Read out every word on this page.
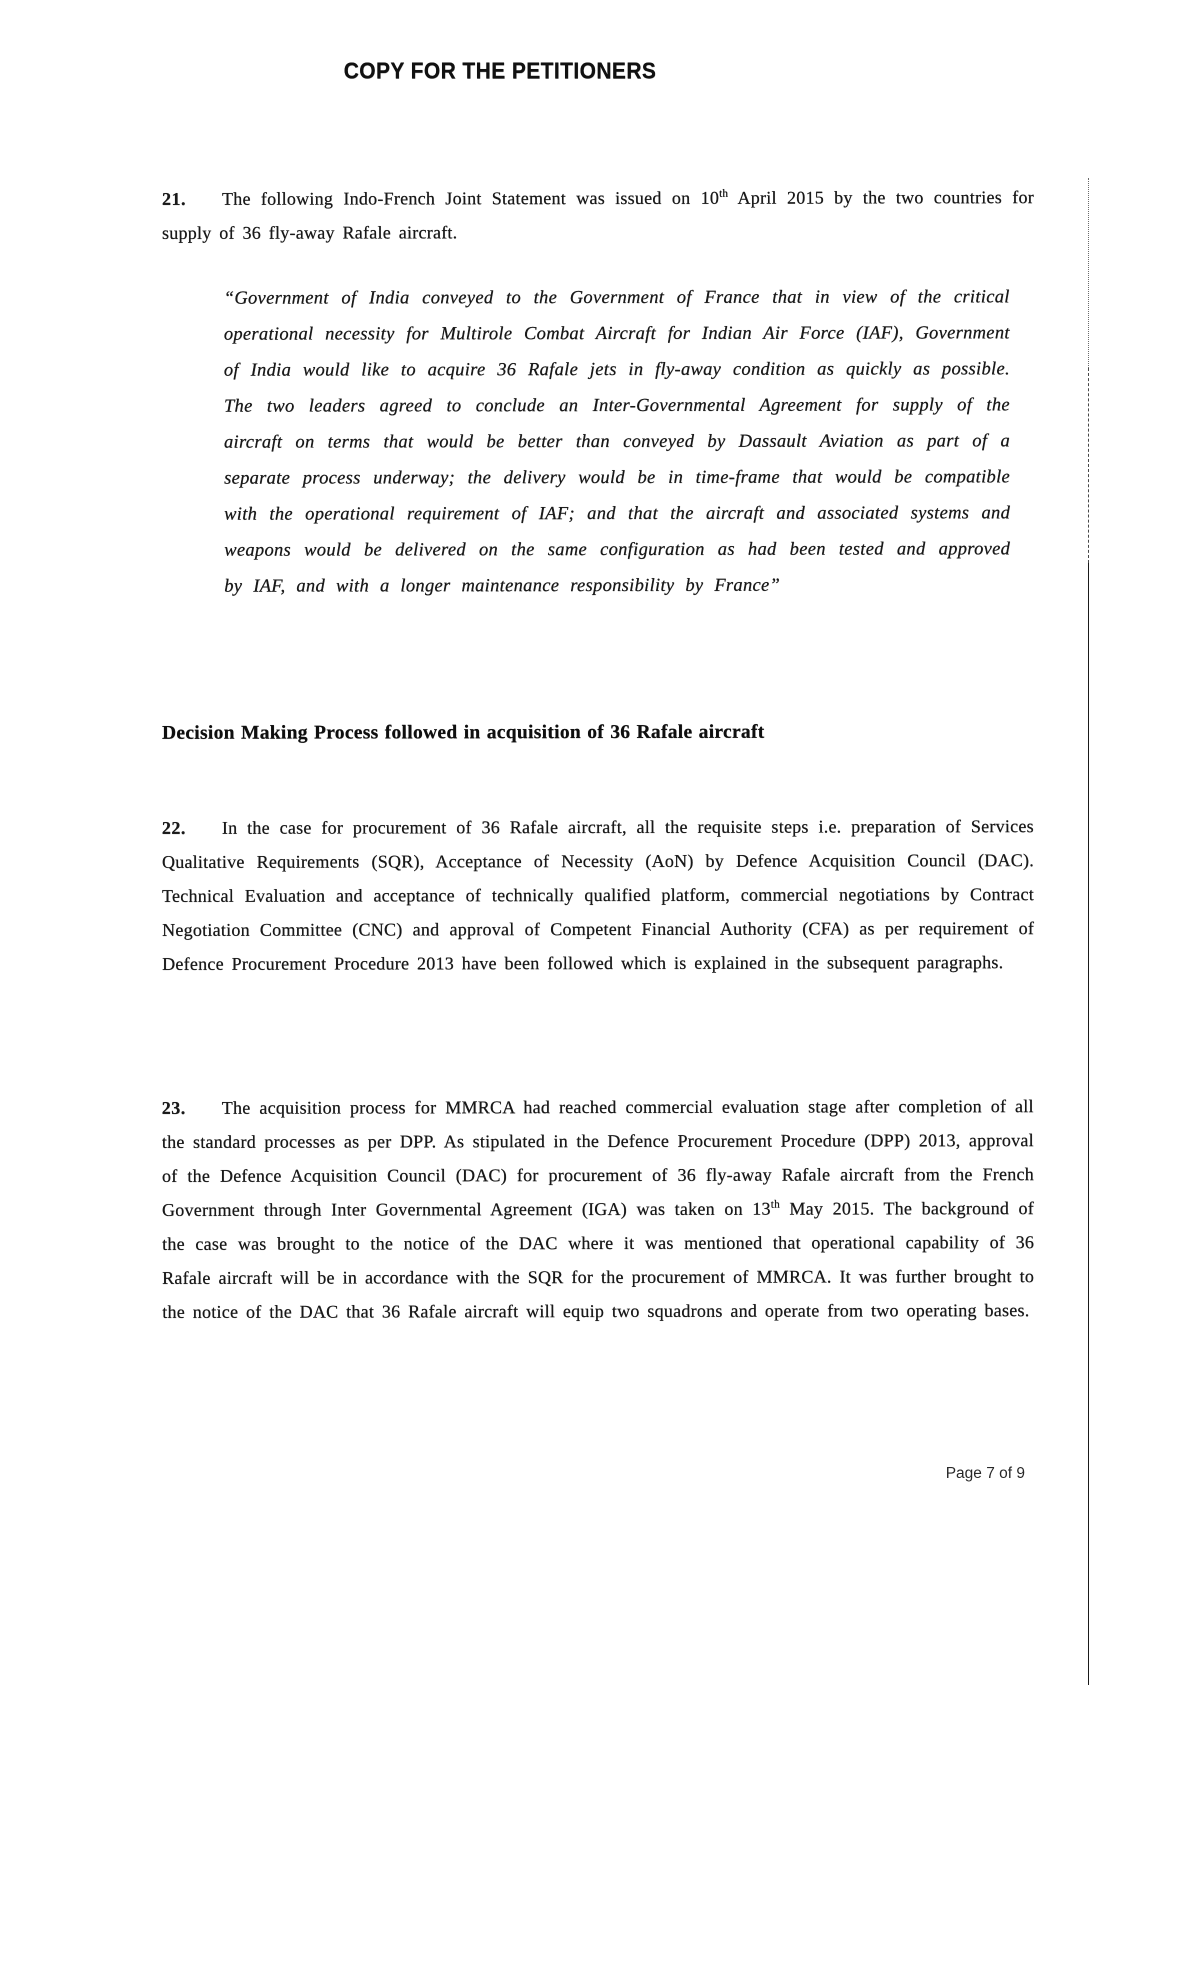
COPY FOR THE PETITIONERS

21. The following Indo-French Joint Statement was issued on 10th April 2015 by the two countries for supply of 36 fly-away Rafale aircraft.

“Government of India conveyed to the Government of France that in view of the critical operational necessity for Multirole Combat Aircraft for Indian Air Force (IAF), Government of India would like to acquire 36 Rafale jets in fly-away condition as quickly as possible. The two leaders agreed to conclude an Inter-Governmental Agreement for supply of the aircraft on terms that would be better than conveyed by Dassault Aviation as part of a separate process underway; the delivery would be in time-frame that would be compatible with the operational requirement of IAF; and that the aircraft and associated systems and weapons would be delivered on the same configuration as had been tested and approved by IAF, and with a longer maintenance responsibility by France”
Decision Making Process followed in acquisition of 36 Rafale aircraft

22. In the case for procurement of 36 Rafale aircraft, all the requisite steps i.e. preparation of Services Qualitative Requirements (SQR), Acceptance of Necessity (AoN) by Defence Acquisition Council (DAC). Technical Evaluation and acceptance of technically qualified platform, commercial negotiations by Contract Negotiation Committee (CNC) and approval of Competent Financial Authority (CFA) as per requirement of Defence Procurement Procedure 2013 have been followed which is explained in the subsequent paragraphs.

23. The acquisition process for MMRCA had reached commercial evaluation stage after completion of all the standard processes as per DPP. As stipulated in the Defence Procurement Procedure (DPP) 2013, approval of the Defence Acquisition Council (DAC) for procurement of 36 fly-away Rafale aircraft from the French Government through Inter Governmental Agreement (IGA) was taken on 13th May 2015. The background of the case was brought to the notice of the DAC where it was mentioned that operational capability of 36 Rafale aircraft will be in accordance with the SQR for the procurement of MMRCA. It was further brought to the notice of the DAC that 36 Rafale aircraft will equip two squadrons and operate from two operating bases.

Page 7 of 9
